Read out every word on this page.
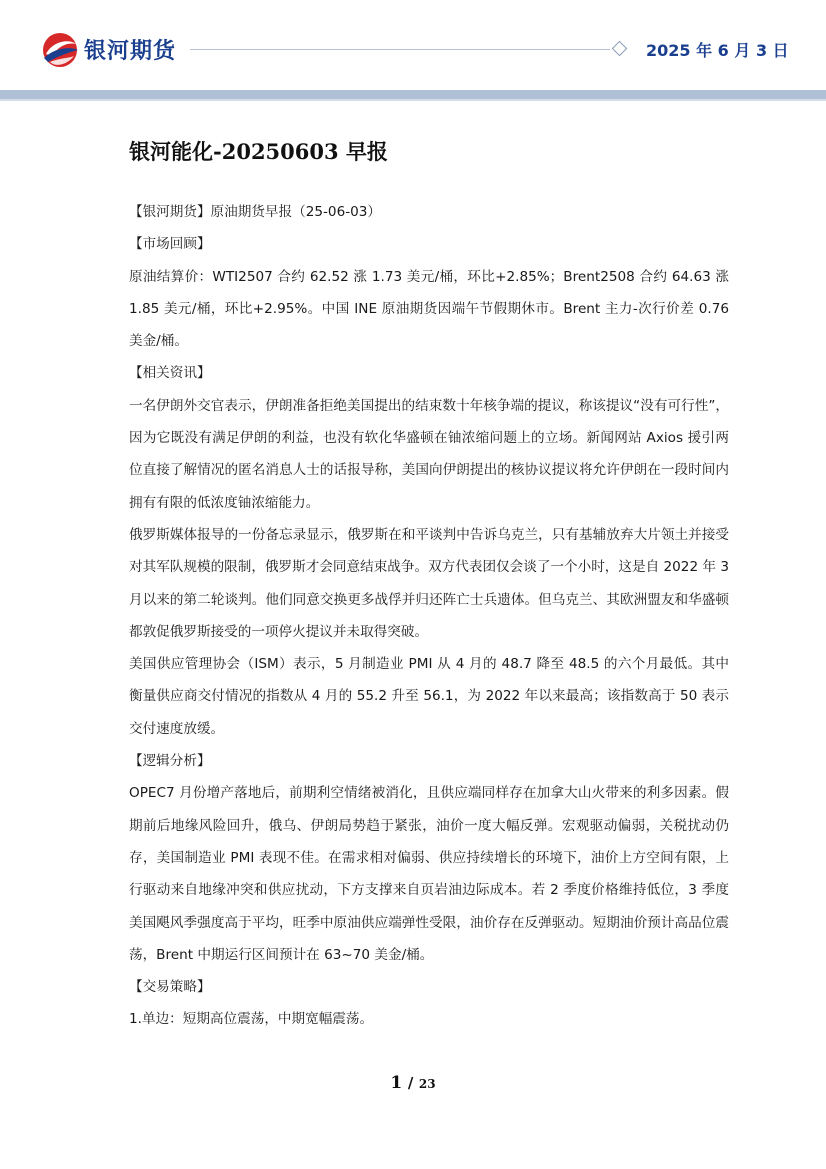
银河期货	2025 年 6 月 3 日
银河能化-20250603 早报

【银河期货】原油期货早报（25-06-03）

【市场回顾】

原油结算价：WTI2507 合约 62.52 涨 1.73 美元/桶，环比+2.85%；Brent2508 合约 64.63 涨 1.85 美元/桶，环比+2.95%。中国 INE 原油期货因端午节假期休市。Brent 主力-次行价差 0.76 美金/桶。

【相关资讯】

一名伊朗外交官表示，伊朗准备拒绝美国提出的结束数十年核争端的提议，称该提议“没有可行性”，因为它既没有满足伊朗的利益，也没有软化华盛顿在铀浓缩问题上的立场。新闻网站 Axios 援引两位直接了解情况的匿名消息人士的话报导称，美国向伊朗提出的核协议提议将允许伊朗在一段时间内拥有有限的低浓度铀浓缩能力。

俄罗斯媒体报导的一份备忘录显示，俄罗斯在和平谈判中告诉乌克兰，只有基辅放弃大片领土并接受对其军队规模的限制，俄罗斯才会同意结束战争。双方代表团仅会谈了一个小时，这是自 2022 年 3 月以来的第二轮谈判。他们同意交换更多战俘并归还阵亡士兵遗体。但乌克兰、其欧洲盟友和华盛顿都敦促俄罗斯接受的一项停火提议并未取得突破。

美国供应管理协会（ISM）表示，5 月制造业 PMI 从 4 月的 48.7 降至 48.5 的六个月最低。其中衡量供应商交付情况的指数从 4 月的 55.2 升至 56.1，为 2022 年以来最高；该指数高于 50 表示交付速度放缓。

【逻辑分析】

OPEC7 月份增产落地后，前期利空情绪被消化，且供应端同样存在加拿大山火带来的利多因素。假期前后地缘风险回升，俄乌、伊朗局势趋于紧张，油价一度大幅反弹。宏观驱动偏弱，关税扰动仍存，美国制造业 PMI 表现不佳。在需求相对偏弱、供应持续增长的环境下，油价上方空间有限，上行驱动来自地缘冲突和供应扰动，下方支撑来自页岩油边际成本。若 2 季度价格维持低位，3 季度美国飓风季强度高于平均，旺季中原油供应端弹性受限，油价存在反弹驱动。短期油价预计高品位震荡，Brent 中期运行区间预计在 63~70 美金/桶。

【交易策略】

1.单边：短期高位震荡，中期宽幅震荡。

1 / 23
